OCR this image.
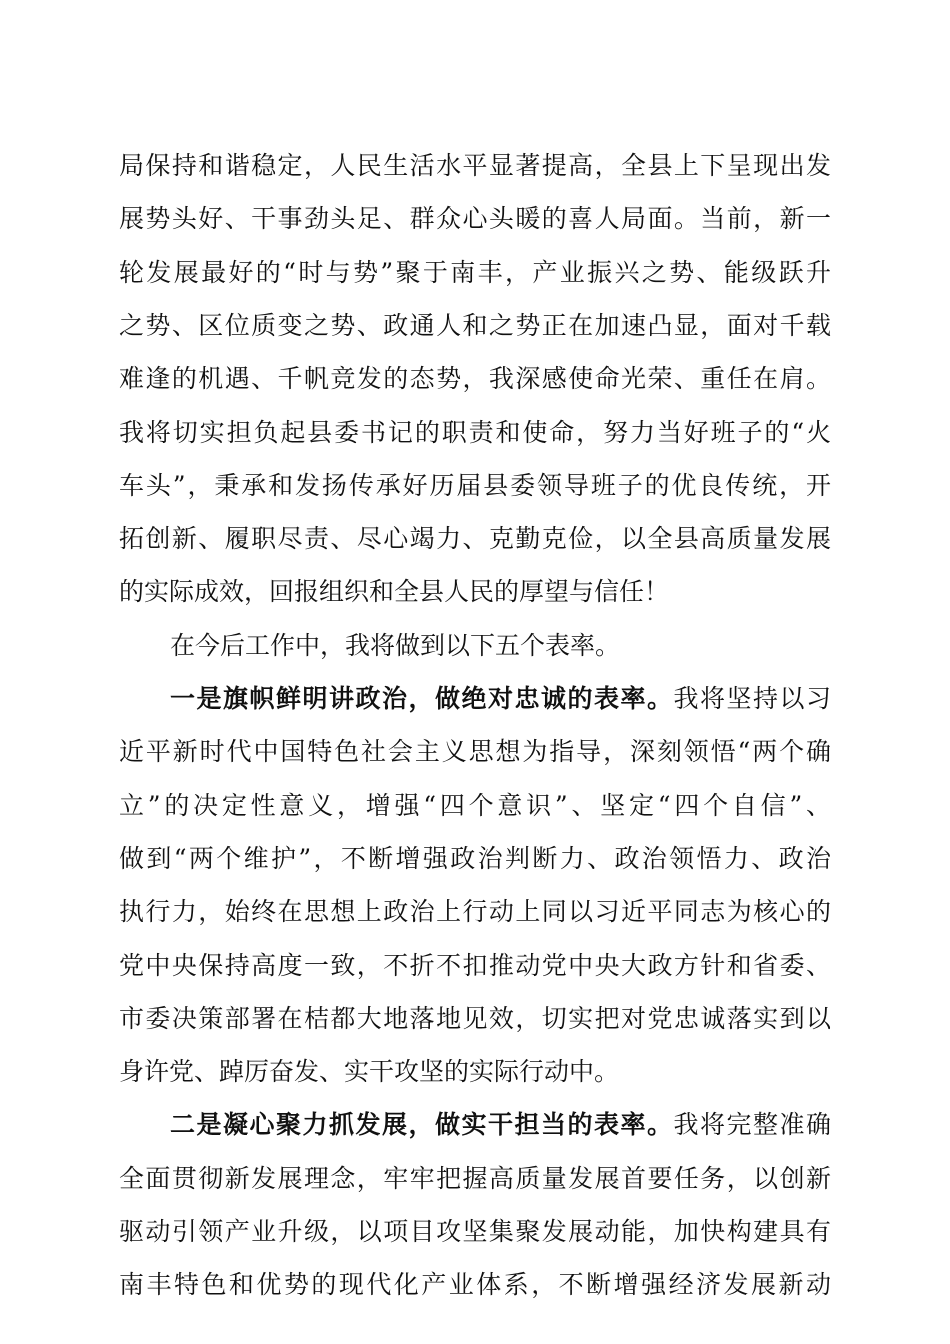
局保持和谐稳定，人民生活水平显著提高，全县上下呈现出发
展势头好、干事劲头足、群众心头暖的喜人局面。当前，新一
轮发展最好的“时与势”聚于南丰，产业振兴之势、能级跃升
之势、区位质变之势、政通人和之势正在加速凸显，面对千载
难逢的机遇、千帆竞发的态势，我深感使命光荣、重任在肩。
我将切实担负起县委书记的职责和使命，努力当好班子的“火
车头”，秉承和发扬传承好历届县委领导班子的优良传统，开
拓创新、履职尽责、尽心竭力、克勤克俭，以全县高质量发展
的实际成效，回报组织和全县人民的厚望与信任！
在今后工作中，我将做到以下五个表率。
一是旗帜鲜明讲政治，做绝对忠诚的表率。我将坚持以习
近平新时代中国特色社会主义思想为指导，深刻领悟“两个确
立”的决定性意义，增强“四个意识”、坚定“四个自信”、
做到“两个维护”，不断增强政治判断力、政治领悟力、政治
执行力，始终在思想上政治上行动上同以习近平同志为核心的
党中央保持高度一致，不折不扣推动党中央大政方针和省委、
市委决策部署在桔都大地落地见效，切实把对党忠诚落实到以
身许党、踔厉奋发、实干攻坚的实际行动中。
二是凝心聚力抓发展，做实干担当的表率。我将完整准确
全面贯彻新发展理念，牢牢把握高质量发展首要任务，以创新
驱动引领产业升级，以项目攻坚集聚发展动能，加快构建具有
南丰特色和优势的现代化产业体系，不断增强经济发展新动
